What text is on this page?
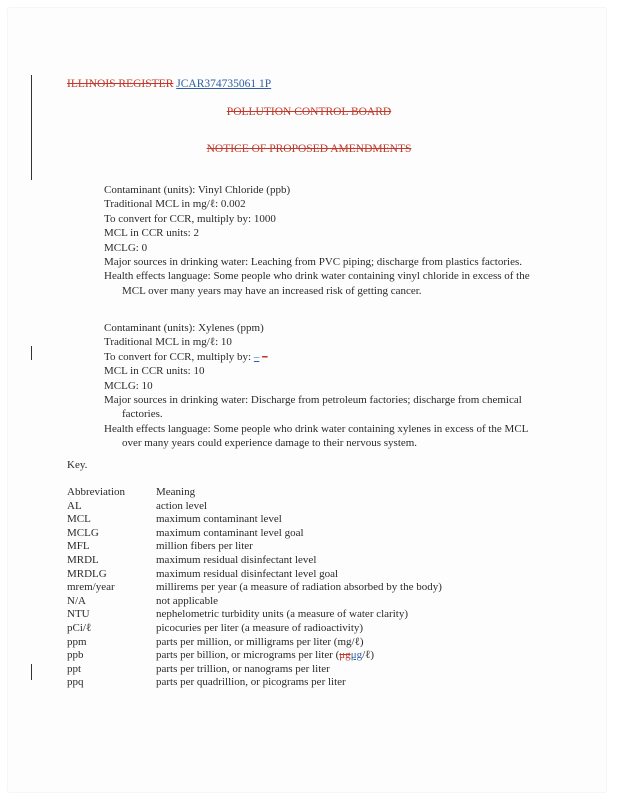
ILLINOIS REGISTER JCAR374735061 1P
POLLUTION CONTROL BOARD
NOTICE OF PROPOSED AMENDMENTS

Contaminant (units): Vinyl Chloride (ppb)

Traditional MCL in mg/ℓ: 0.002

To convert for CCR, multiply by: 1000

MCL in CCR units: 2

MCLG: 0

Major sources in drinking water: Leaching from PVC piping; discharge from plastics factories.

Health effects language: Some people who drink water containing vinyl chloride in excess of the MCL over many years may have an increased risk of getting cancer.

Contaminant (units): Xylenes (ppm)

Traditional MCL in mg/ℓ: 10

To convert for CCR, multiply by: – –

MCL in CCR units: 10

MCLG: 10

Major sources in drinking water: Discharge from petroleum factories; discharge from chemical factories.

Health effects language: Some people who drink water containing xylenes in excess of the MCL over many years could experience damage to their nervous system.

Key.
Abbreviation	Meaning
AL	action level
MCL	maximum contaminant level
MCLG	maximum contaminant level goal
MFL	million fibers per liter
MRDL	maximum residual disinfectant level
MRDLG	maximum residual disinfectant level goal
mrem/year	millirems per year (a measure of radiation absorbed by the body)
N/A	not applicable
NTU	nephelometric turbidity units (a measure of water clarity)
pCi/ℓ	picocuries per liter (a measure of radioactivity)
ppm	parts per million, or milligrams per liter (mg/ℓ)
ppb	parts per billion, or micrograms per liter (μgμg/ℓ)
ppt	parts per trillion, or nanograms per liter
ppq	parts per quadrillion, or picograms per liter
